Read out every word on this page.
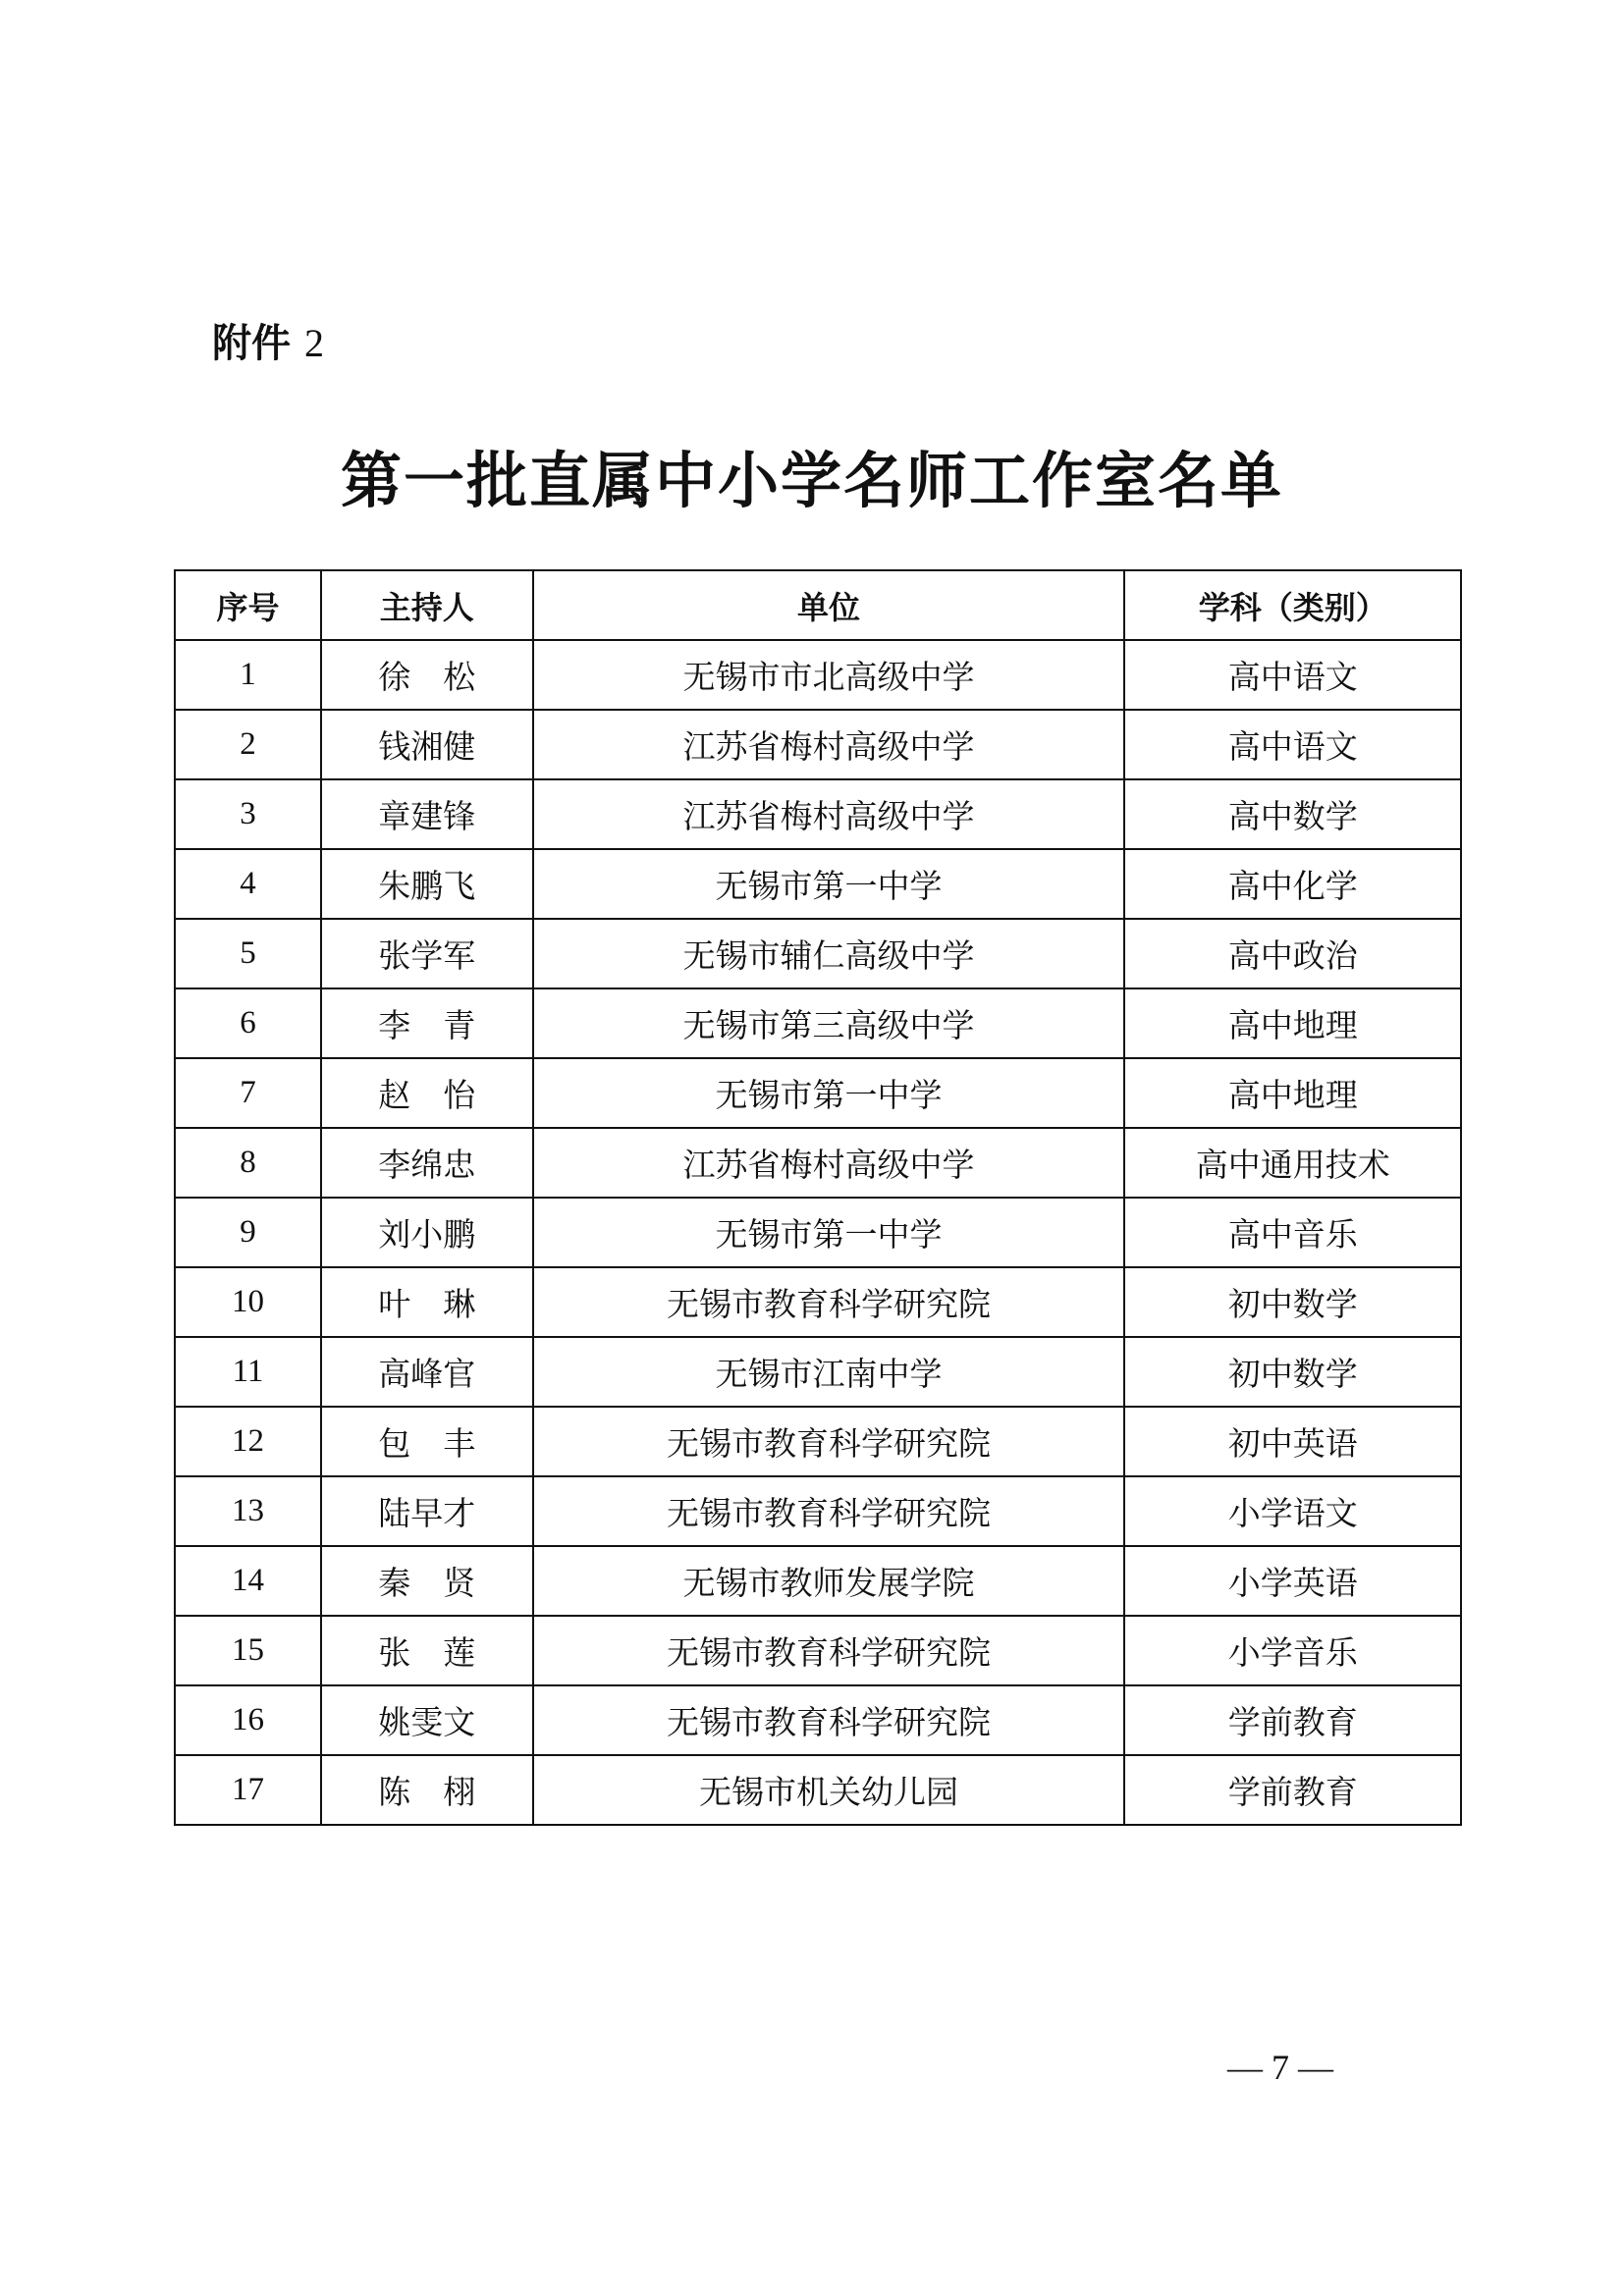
附件 2
第一批直属中小学名师工作室名单
序号	主持人	单位	学科（类别）
1	徐　松	无锡市市北高级中学	高中语文
2	钱湘健	江苏省梅村高级中学	高中语文
3	章建锋	江苏省梅村高级中学	高中数学
4	朱鹏飞	无锡市第一中学	高中化学
5	张学军	无锡市辅仁高级中学	高中政治
6	李　青	无锡市第三高级中学	高中地理
7	赵　怡	无锡市第一中学	高中地理
8	李绵忠	江苏省梅村高级中学	高中通用技术
9	刘小鹏	无锡市第一中学	高中音乐
10	叶　琳	无锡市教育科学研究院	初中数学
11	高峰官	无锡市江南中学	初中数学
12	包　丰	无锡市教育科学研究院	初中英语
13	陆早才	无锡市教育科学研究院	小学语文
14	秦　贤	无锡市教师发展学院	小学英语
15	张　莲	无锡市教育科学研究院	小学音乐
16	姚雯文	无锡市教育科学研究院	学前教育
17	陈　栩	无锡市机关幼儿园	学前教育
— 7 —
